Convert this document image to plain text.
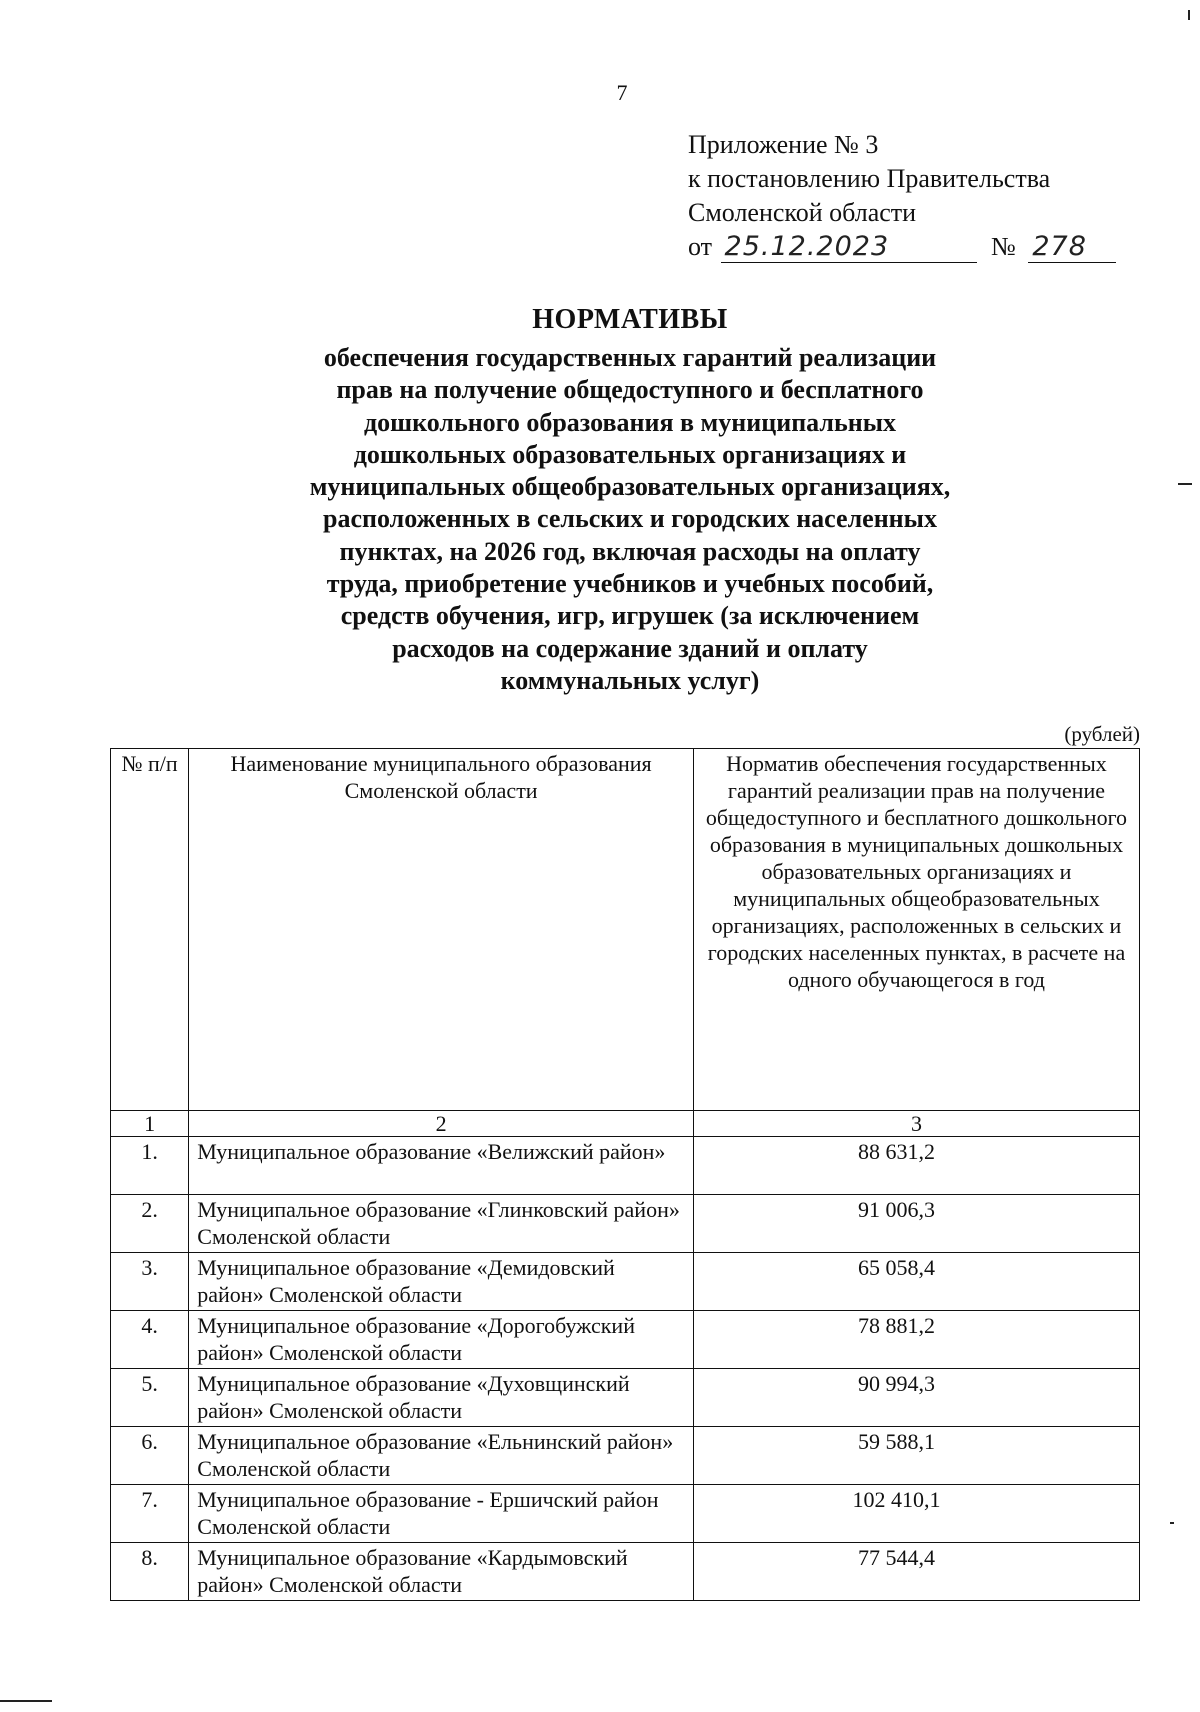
7
Приложение № 3
к постановлению Правительства
Смоленской области
от 25.12.2023	№ 278
НОРМАТИВЫ
обеспечения государственных гарантий реализации
прав на получение общедоступного и бесплатного
дошкольного образования в муниципальных
дошкольных образовательных организациях и
муниципальных общеобразовательных организациях,
расположенных в сельских и городских населенных
пунктах, на 2026 год, включая расходы на оплату
труда, приобретение учебников и учебных пособий,
средств обучения, игр, игрушек (за исключением
расходов на содержание зданий и оплату
коммунальных услуг)
(рублей)
№ п/п	Наименование муниципального образования Смоленской области	Норматив обеспечения государственных гарантий реализации прав на получение общедоступного и бесплатного дошкольного образования в муниципальных дошкольных образовательных организациях и муниципальных общеобразовательных организациях, расположенных в сельских и городских населенных пунктах, в расчете на одного обучающегося в год
1	2	3
1.	Муниципальное образование «Велижский район»	88 631,2
2.	Муниципальное образование «Глинковский район» Смоленской области	91 006,3
3.	Муниципальное образование «Демидовский район» Смоленской области	65 058,4
4.	Муниципальное образование «Дорогобужский район» Смоленской области	78 881,2
5.	Муниципальное образование «Духовщинский район» Смоленской области	90 994,3
6.	Муниципальное образование «Ельнинский район» Смоленской области	59 588,1
7.	Муниципальное образование - Ершичский район Смоленской области	102 410,1
8.	Муниципальное образование «Кардымовский район» Смоленской области	77 544,4
